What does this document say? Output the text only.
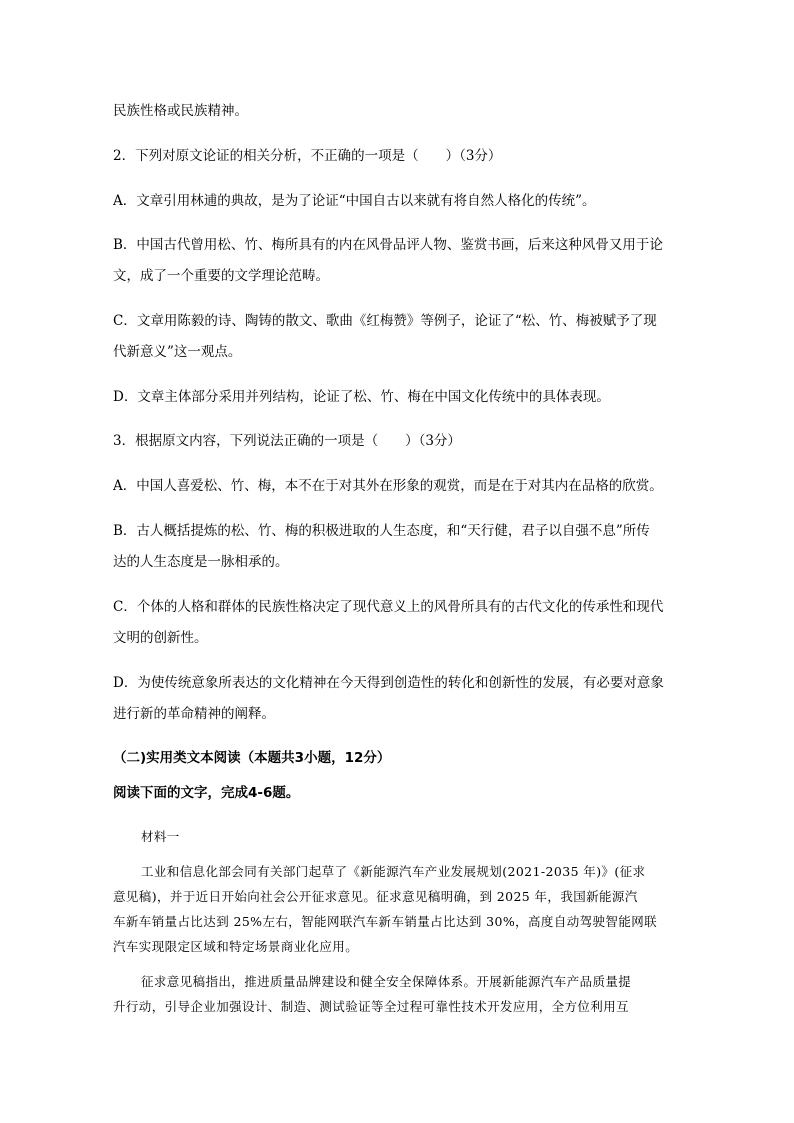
民族性格或民族精神。
2．下列对原文论证的相关分析，不正确的一项是（　　）（3分）
A．文章引用林逋的典故，是为了论证“中国自古以来就有将自然人格化的传统”。
B．中国古代曾用松、竹、梅所具有的内在风骨品评人物、鉴赏书画，后来这种风骨又用于论
文，成了一个重要的文学理论范畴。
C．文章用陈毅的诗、陶铸的散文、歌曲《红梅赞》等例子，论证了“松、竹、梅被赋予了现
代新意义”这一观点。
D．文章主体部分采用并列结构，论证了松、竹、梅在中国文化传统中的具体表现。
3．根据原文内容，下列说法正确的一项是（　　）（3分）
A．中国人喜爱松、竹、梅，本不在于对其外在形象的观赏，而是在于对其内在品格的欣赏。
B．古人概括提炼的松、竹、梅的积极进取的人生态度，和“天行健，君子以自强不息”所传
达的人生态度是一脉相承的。
C．个体的人格和群体的民族性格决定了现代意义上的风骨所具有的古代文化的传承性和现代
文明的创新性。
D．为使传统意象所表达的文化精神在今天得到创造性的转化和创新性的发展，有必要对意象
进行新的革命精神的阐释。
（二)实用类文本阅读（本题共3小题，12分）
阅读下面的文字，完成4-6题。
材料一
工业和信息化部会同有关部门起草了《新能源汽车产业发展规划(2021-2035 年)》(征求
意见稿)，并于近日开始向社会公开征求意见。征求意见稿明确，到 2025 年，我国新能源汽
车新车销量占比达到 25%左右，智能网联汽车新车销量占比达到 30%，高度自动驾驶智能网联
汽车实现限定区域和特定场景商业化应用。
征求意见稿指出，推进质量品牌建设和健全安全保障体系。开展新能源汽车产品质量提
升行动，引导企业加强设计、制造、测试验证等全过程可靠性技术开发应用，全方位利用互
